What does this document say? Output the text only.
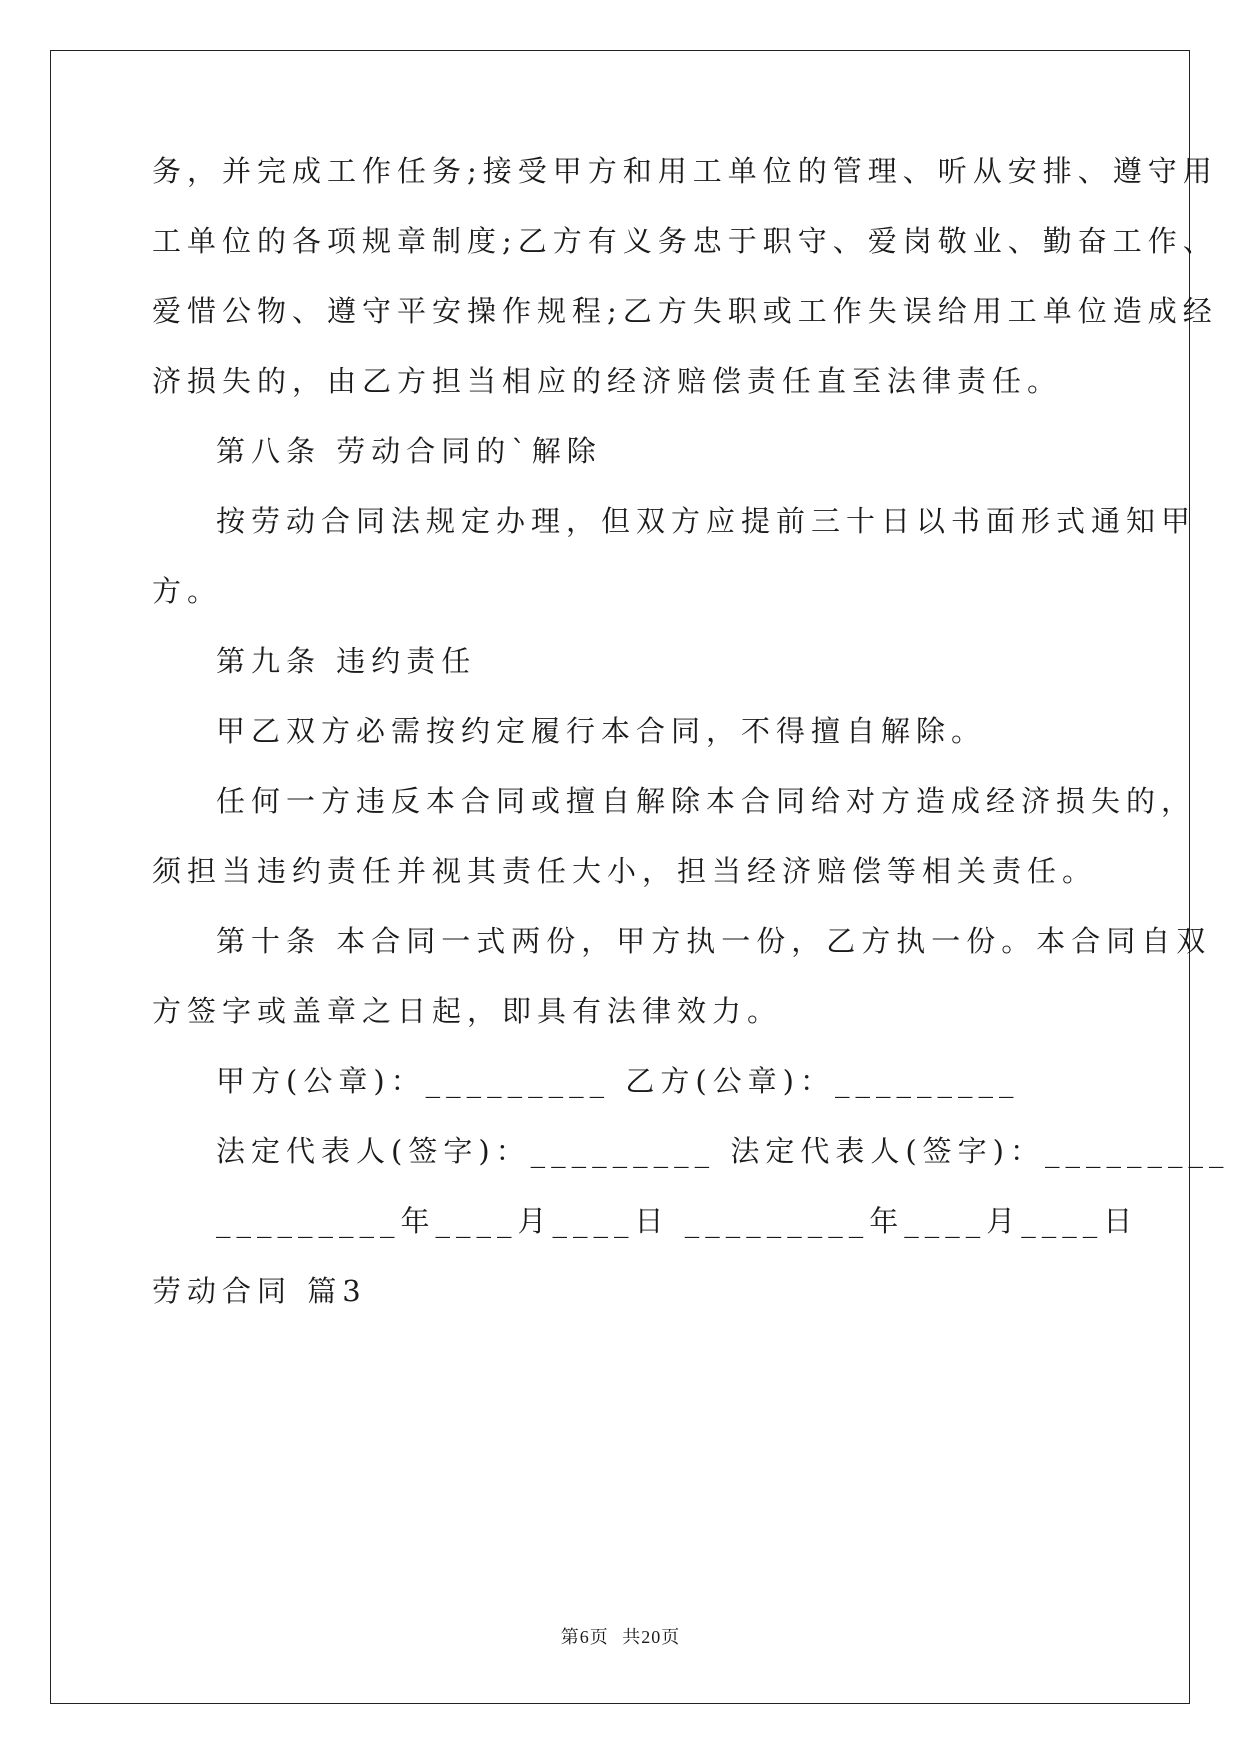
务，并完成工作任务;接受甲方和用工单位的管理、听从安排、遵守用
工单位的各项规章制度;乙方有义务忠于职守、爱岗敬业、勤奋工作、
爱惜公物、遵守平安操作规程;乙方失职或工作失误给用工单位造成经
济损失的，由乙方担当相应的经济赔偿责任直至法律责任。
第八条 劳动合同的`解除
按劳动合同法规定办理，但双方应提前三十日以书面形式通知甲
方。
第九条 违约责任
甲乙双方必需按约定履行本合同，不得擅自解除。
任何一方违反本合同或擅自解除本合同给对方造成经济损失的，
须担当违约责任并视其责任大小，担当经济赔偿等相关责任。
第十条 本合同一式两份，甲方执一份，乙方执一份。本合同自双
方签字或盖章之日起，即具有法律效力。
甲方(公章)：_________ 乙方(公章)：_________
法定代表人(签字)：_________ 法定代表人(签字)：_________
_________年____月____日 _________年____月____日
劳动合同 篇3
第6页 共20页
